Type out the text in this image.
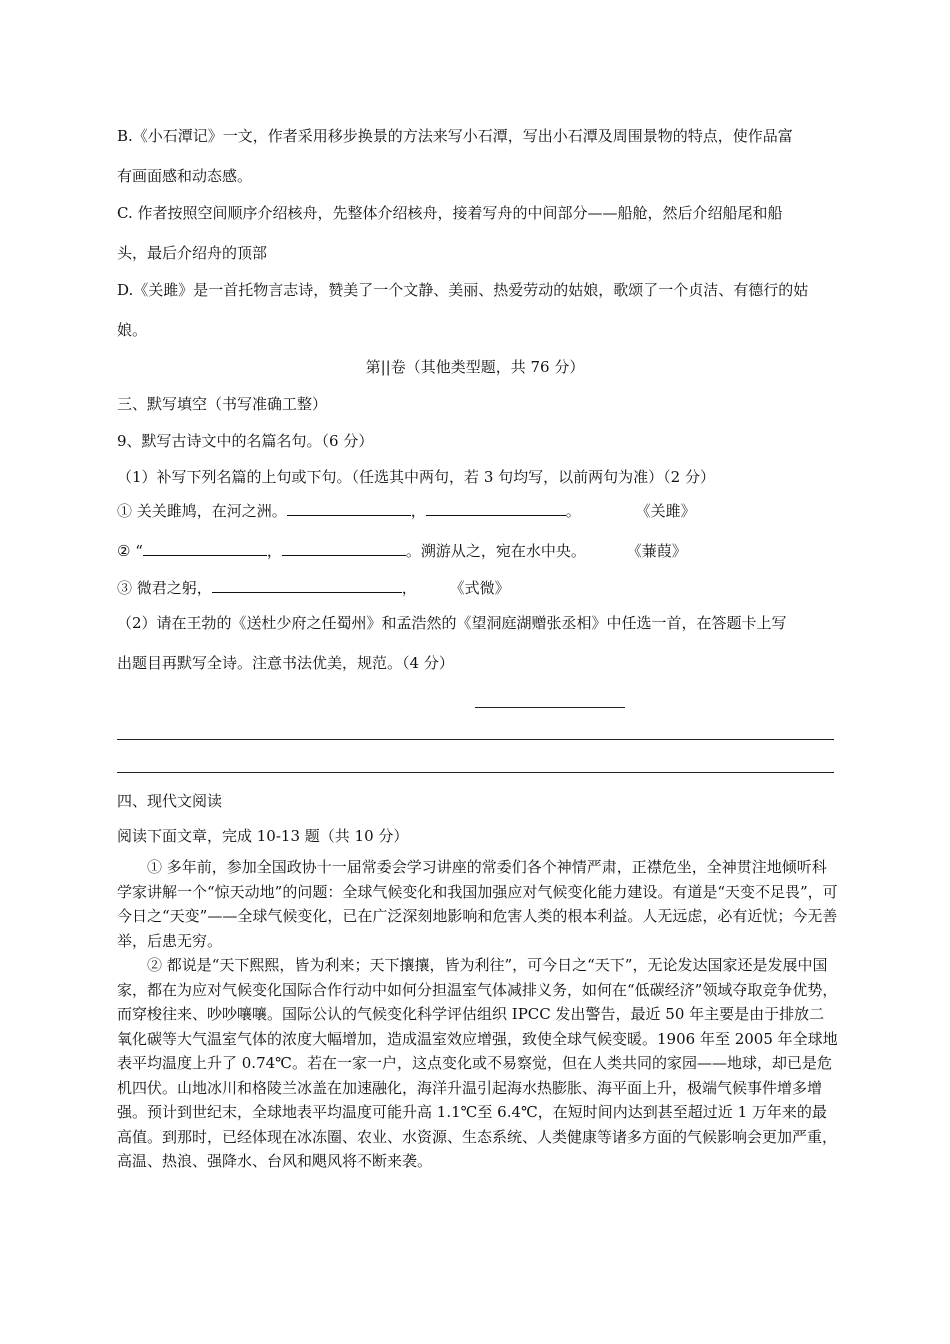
B.《小石潭记》一文，作者采用移步换景的方法来写小石潭，写出小石潭及周围景物的特点，使作品富
有画面感和动态感。
C. 作者按照空间顺序介绍核舟，先整体介绍核舟，接着写舟的中间部分——船舱，然后介绍船尾和船
头，最后介绍舟的顶部
D.《关雎》是一首托物言志诗，赞美了一个文静、美丽、热爱劳动的姑娘，歌颂了一个贞洁、有德行的姑
娘。
第||卷（其他类型题，共 76 分）
三、默写填空（书写准确工整）
9、默写古诗文中的名篇名句。（6 分）
（1）补写下列名篇的上句或下句。（任选其中两句，若 3 句均写，以前两句为准）（2 分）
① 关关雎鸠，在河之洲。	，	。	《关雎》
② “	，	。溯游从之，宛在水中央。	《蒹葭》
③ 微君之躬，	， 《式微》
（2）请在王勃的《送杜少府之任蜀州》和孟浩然的《望洞庭湖赠张丞相》中任选一首，在答题卡上写
出题目再默写全诗。注意书法优美，规范。（4 分）
四、现代文阅读
阅读下面文章，完成 10-13 题（共 10 分）

① 多年前，参加全国政协十一届常委会学习讲座的常委们各个神情严肃，正襟危坐，全神贯注地倾听科学家讲解一个“惊天动地”的问题：全球气候变化和我国加强应对气候变化能力建设。有道是“天变不足畏”，可今日之“天变”——全球气候变化，已在广泛深刻地影响和危害人类的根本利益。人无远虑，必有近忧；今无善举，后患无穷。

② 都说是“天下熙熙，皆为利来；天下攘攘，皆为利往”，可今日之“天下”，无论发达国家还是发展中国家，都在为应对气候变化国际合作行动中如何分担温室气体减排义务，如何在“低碳经济”领域夺取竞争优势，而穿梭往来、吵吵嚷嚷。国际公认的气候变化科学评估组织 IPCC 发出警告，最近 50 年主要是由于排放二氧化碳等大气温室气体的浓度大幅增加，造成温室效应增强，致使全球气候变暖。1906 年至 2005 年全球地表平均温度上升了 0.74℃。若在一家一户，这点变化或不易察觉，但在人类共同的家园——地球，却已是危机四伏。山地冰川和格陵兰冰盖在加速融化，海洋升温引起海水热膨胀、海平面上升，极端气候事件增多增强。预计到世纪末，全球地表平均温度可能升高 1.1℃至 6.4℃，在短时间内达到甚至超过近 1 万年来的最高值。到那时，已经体现在冰冻圈、农业、水资源、生态系统、人类健康等诸多方面的气候影响会更加严重，高温、热浪、强降水、台风和飓风将不断来袭。
